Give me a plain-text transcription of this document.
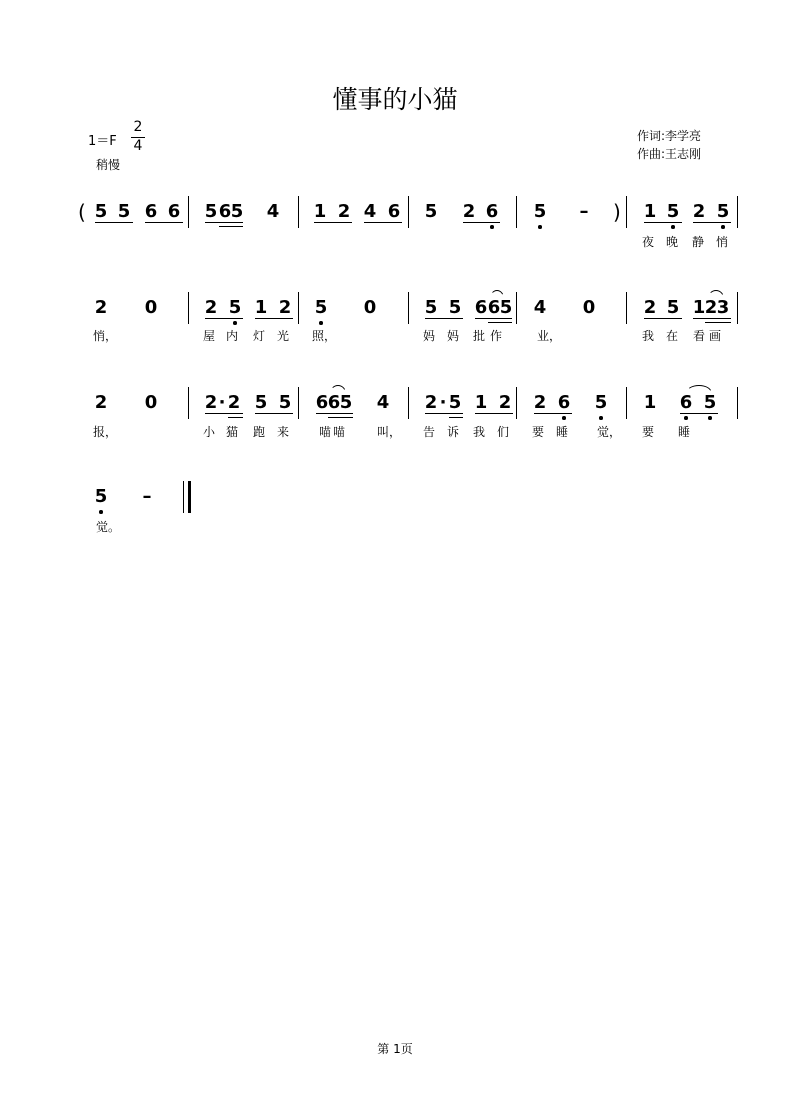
懂事的小猫
1＝F
2
4
稍慢
作词:李学亮
作曲:王志刚
( 5 5 6 6 5 6 5 4 1 2 4 6 5 2 6 5 – ) 1 5 2 5
夜 晚	静 悄
2 0	2 5 1 2 5 0	5 5 6 6 5 4 0	2 5 1 2 3
悄，	屋 内	灯 光	照，	妈 妈	批 作	业，	我 在	看 画
2 0	2 · 2 5 5 6 6 5 4 2 · 5 1 2 2 6 5 1 6 5
报，	小 猫	跑 来	喵 喵	叫，	告 诉	我 们	要 睡	觉，	要	睡
5 –
觉。
第 1页
